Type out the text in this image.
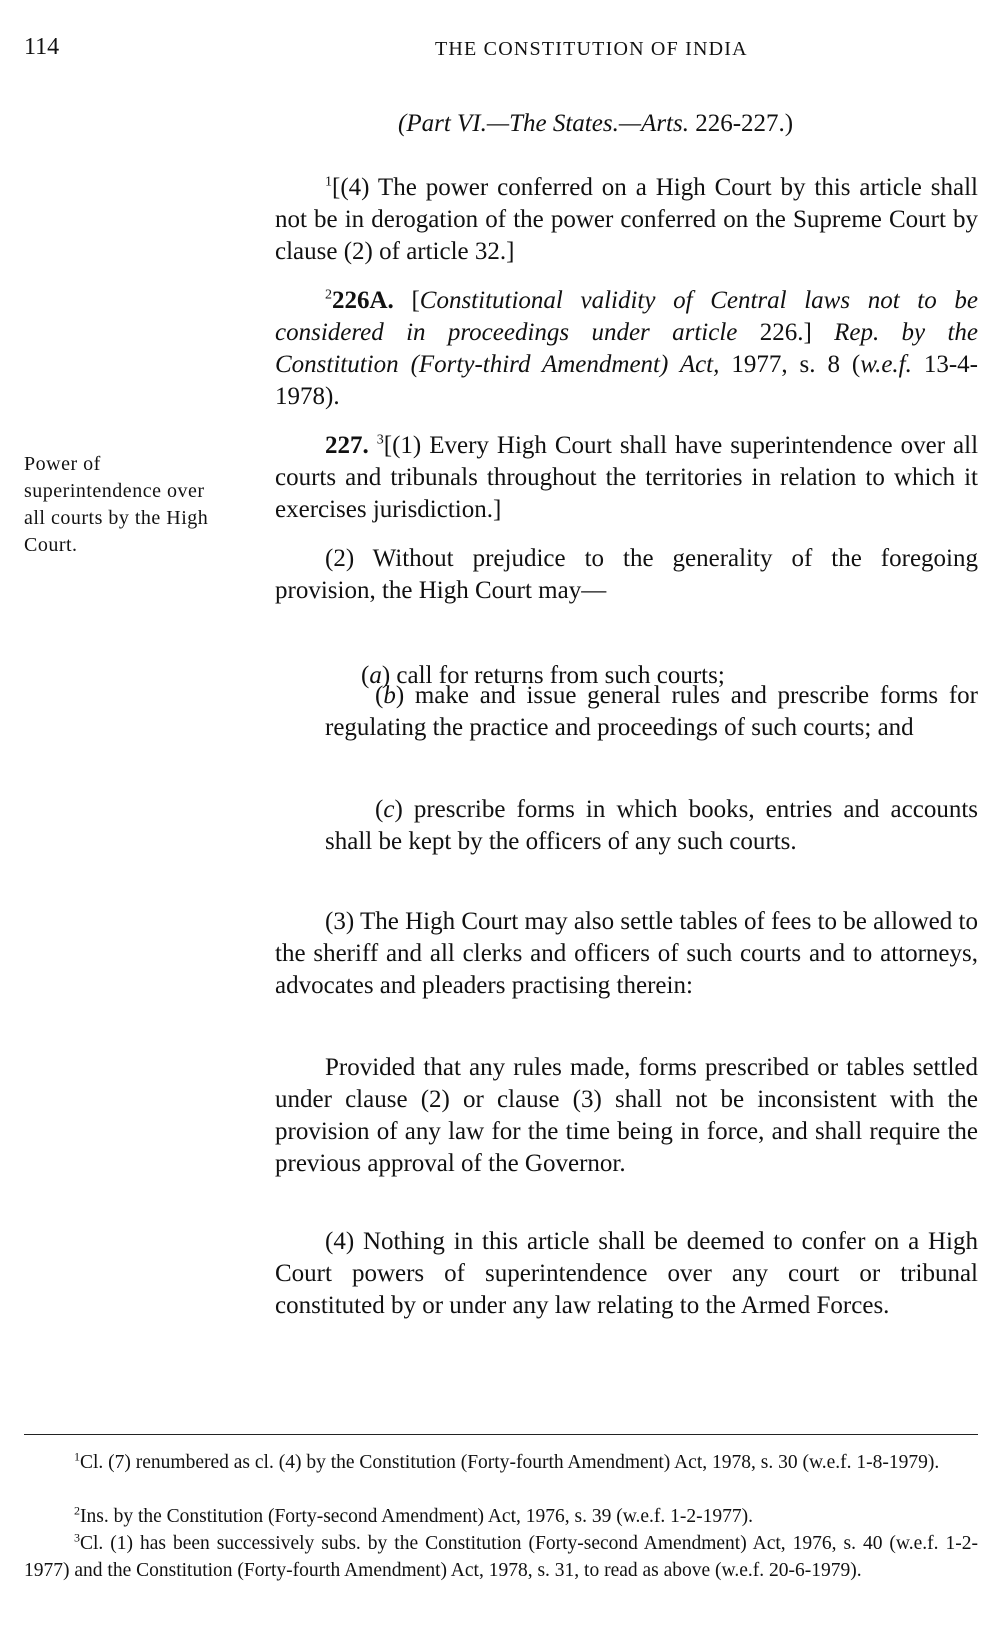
114	THE CONSTITUTION OF INDIA
(Part VI.—The States.—Arts. 226-227.)

$^1$[(4) The power conferred on a High Court by this article shall not be in derogation of the power conferred on the Supreme Court by clause (2) of article 32.]

$^2$226A. [Constitutional validity of Central laws not to be considered in proceedings under article 226.] Rep. by the Constitution (Forty-third Amendment) Act, 1977, s. 8 (w.e.f. 13-4-1978).

Power of superintendence over all courts by the High Court.

227. $^3$[(1) Every High Court shall have superintendence over all courts and tribunals throughout the territories in relation to which it exercises jurisdiction.]

(2) Without prejudice to the generality of the foregoing provision, the High Court may—

(a) call for returns from such courts;

(b) make and issue general rules and prescribe forms for regulating the practice and proceedings of such courts; and

(c) prescribe forms in which books, entries and accounts shall be kept by the officers of any such courts.

(3) The High Court may also settle tables of fees to be allowed to the sheriff and all clerks and officers of such courts and to attorneys, advocates and pleaders practising therein:

Provided that any rules made, forms prescribed or tables settled under clause (2) or clause (3) shall not be inconsistent with the provision of any law for the time being in force, and shall require the previous approval of the Governor.

(4) Nothing in this article shall be deemed to confer on a High Court powers of superintendence over any court or tribunal constituted by or under any law relating to the Armed Forces.

$^1$Cl. (7) renumbered as cl. (4) by the Constitution (Forty-fourth Amendment) Act, 1978, s. 30 (w.e.f. 1-8-1979).

$^2$Ins. by the Constitution (Forty-second Amendment) Act, 1976, s. 39 (w.e.f. 1-2-1977).

$^3$Cl. (1) has been successively subs. by the Constitution (Forty-second Amendment) Act, 1976, s. 40 (w.e.f. 1-2-1977) and the Constitution (Forty-fourth Amendment) Act, 1978, s. 31, to read as above (w.e.f. 20-6-1979).
